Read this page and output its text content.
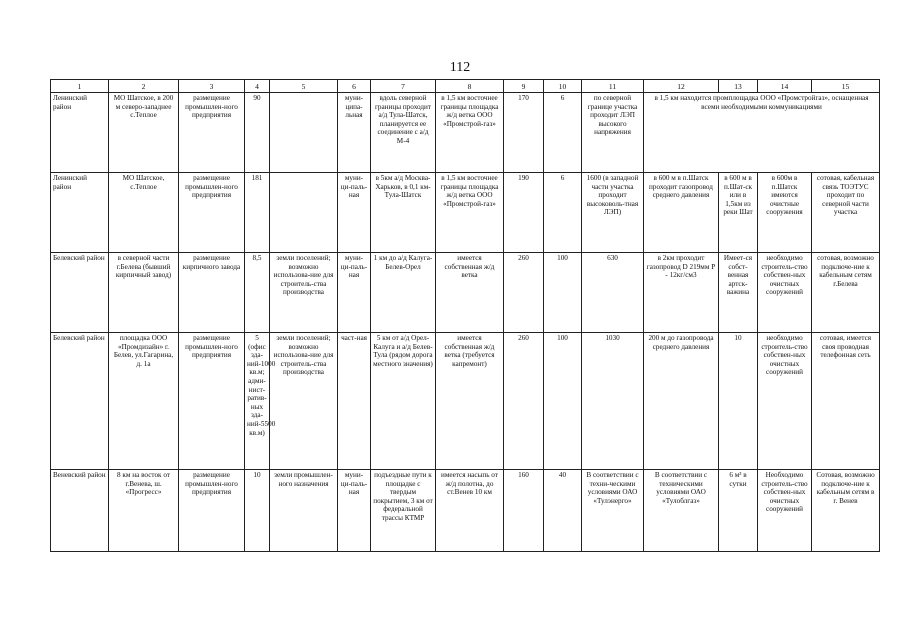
112
1	2	3	4	5	6	7	8	9	10	11	12	13	14	15
Ленинский район	МО Шатское, в 200 м северо-западнее с.Теплое	размещение промышлен-ного предприятия	90		муни-ципа-льная	вдоль северной границы проходит а/д Тула-Шатск, планируется ее соединение с а/д М-4	в 1,5 км восточнее границы площадка ж/д ветка ООО «Промстрой-газ»	170	6	по северной границе участка проходит ЛЭП высокого напряжения	в 1,5 км находится промплощадка ООО «Промстройгаз», оснащенная всеми необходимыми коммуникациями			
Ленинский район	МО Шатское, с.Теплое	размещение промышлен-ного предприятия	181		муни-ци-паль-ная	в 5км а/д Москва-Харьков, в 0,1 км-Тула-Шатск	в 1,5 км восточнее границы площадка ж/д ветка ООО «Промстрой-газ»	190	6	1600 (в западной части участка проходит высоковоль-тная ЛЭП)	в 600 м в п.Шатск проходит газопровод среднего давления	в 600 м в п.Шат-ск или в 1,5км из реки Шат	в 600м в п.Шатск имеются очистные сооружения	сотовая, кабельная связь ТОЭТУС проходит по северной части участка
Белевский район	в северной части г.Белева (бывший кирпичный завод)	размещение кирпичного завода	8,5	земли поселений; возможно использова-ние для строитель-ства производства	муни-ци-паль-ная	1 км до а/д Калуга-Белев-Орел	имеется собственная ж/д ветка	260	100	630	в 2км проходит газопровод D 219мм Р - 12кг/см3	Имеет-ся собст-венная артск-важина	необходимо строитель-ство собствен-ных очистных сооружений	сотовая, возможно подключе-ние к кабельным сетям г.Белева
Белевский район	площадка ООО «Промдизайн» г. Белев, ул.Гагарина, д. 1а	размещение промышлен-ного предприятия	5 (офис зда-ний-1000 кв.м; адми-нист-ратив-ных зда-ний-5500 кв.м)	земли поселений; возможно использова-ние для строитель-ства производства	част-ная	5 км от а/д Орел-Калуга и а/д Белев-Тула (рядом дорога местного значения)	имеется собственная ж/д ветка (требуется капремонт)	260	100	1030	200 м до газопровода среднего давления	10	необходимо строитель-ство собствен-ных очистных сооружений	сотовая, имеется своя проводная телефонная сеть
Веневский район	8 км на восток от г.Венева, ш. «Прогресс»	размещение промышлен-ного предприятия	10	земли промышлен-ного назначения	муни-ци-паль-ная	подъездные пути к площадке с твердым покрытием, 3 км от федеральной трассы КТМР	имеется насыпь от ж/д полотна, до ст.Венев 10 км	160	40	В соответствии с техни-ческими условиями ОАО «Тулэнерго»	В соответствии с техническими условиями ОАО «Тулоблгаз»	6 м³ в сутки	Необходимо строитель-ство собствен-ных очистных сооружений	Сотовая, возможно подключе-ние к кабельным сетям в г. Венев
